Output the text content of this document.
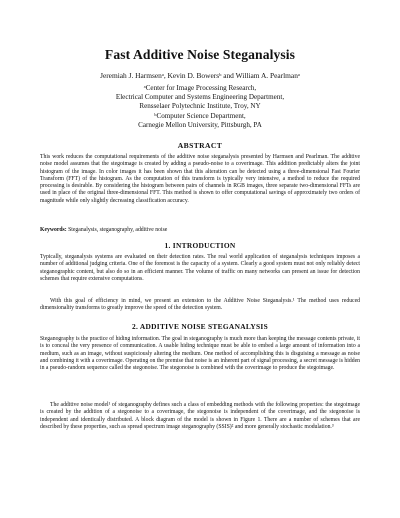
Fast Additive Noise Steganalysis
Jeremiah J. Harmsenᵃ, Kevin D. Bowersᵇ and William A. Pearlmanᵃ
ᵃCenter for Image Processing Research,
Electrical Computer and Systems Engineering Department,
Rensselaer Polytechnic Institute, Troy, NY
ᵇComputer Science Department,
Carnegie Mellon University, Pittsburgh, PA
ABSTRACT
This work reduces the computational requirements of the additive noise steganalysis presented by Harmsen and Pearlman. The additive noise model assumes that the stegoimage is created by adding a pseudo-noise to a coverimage. This addition predictably alters the joint histogram of the image. In color images it has been shown that this alteration can be detected using a three-dimensional Fast Fourier Transform (FFT) of the histogram. As the computation of this transform is typically very intensive, a method to reduce the required processing is desirable. By considering the histogram between pairs of channels in RGB images, three separate two-dimensional FFTs are used in place of the original three-dimensional FFT. This method is shown to offer computational savings of approximately two orders of magnitude while only slightly decreasing classification accuracy.
Keywords: Steganalysis, steganography, additive noise
1. INTRODUCTION
Typically, steganalysis systems are evaluated on their detection rates. The real world application of steganalysis techniques imposes a number of additional judging criteria. One of the foremost is the capacity of a system. Clearly a good system must not only reliably detect steganographic content, but also do so in an efficient manner. The volume of traffic on many networks can present an issue for detection schemes that require extensive computations.
With this goal of efficiency in mind, we present an extension to the Additive Noise Steganalysis.¹ The method uses reduced dimensionality transforms to greatly improve the speed of the detection system.
2. ADDITIVE NOISE STEGANALYSIS
Steganography is the practice of hiding information. The goal in steganography is much more than keeping the message contents private, it is to conceal the very presence of communication. A usable hiding technique must be able to embed a large amount of information into a medium, such as an image, without suspiciously altering the medium. One method of accomplishing this is disguising a message as noise and combining it with a coverimage. Operating on the premise that noise is an inherent part of signal processing, a secret message is hidden in a pseudo-random sequence called the stegonoise. The stegonoise is combined with the coverimage to produce the stegoimage.
The additive noise model¹ of steganography defines such a class of embedding methods with the following properties: the stegoimage is created by the addition of a stegonoise to a coverimage, the stegonoise is independent of the coverimage, and the stegonoise is independent and identically distributed. A block diagram of the model is shown in Figure 1. There are a number of schemes that are described by these properties, such as spread spectrum image steganography (SSIS)² and more generally stochastic modulation.³
